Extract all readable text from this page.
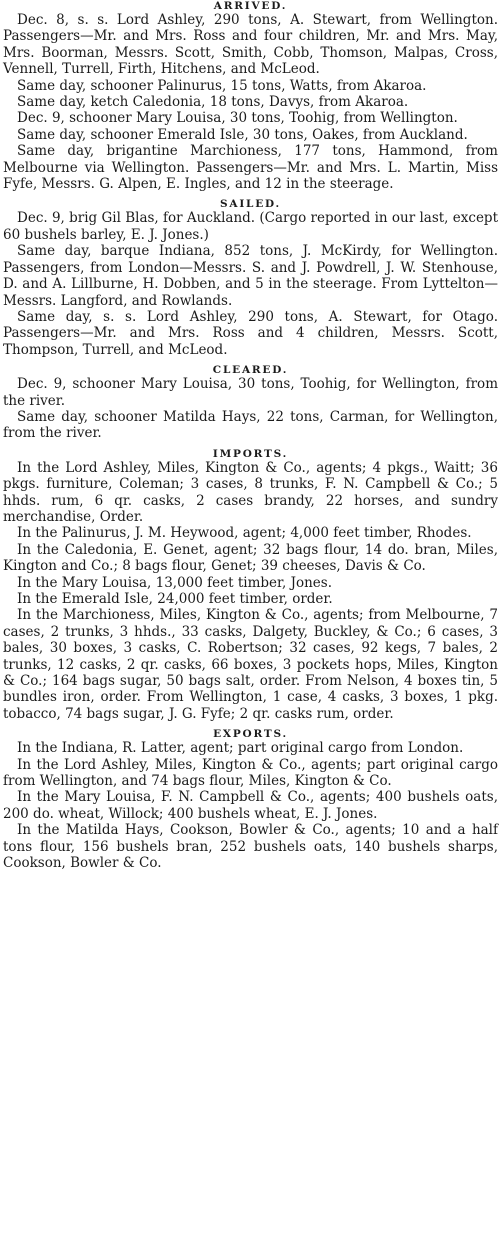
ARRIVED.

Dec. 8, s. s. Lord Ashley, 290 tons, A. Stewart, from Wellington. Passengers—Mr. and Mrs. Ross and four children, Mr. and Mrs. May, Mrs. Boorman, Messrs. Scott, Smith, Cobb, Thomson, Malpas, Cross, Vennell, Turrell, Firth, Hitchens, and McLeod.

Same day, schooner Palinurus, 15 tons, Watts, from Akaroa.

Same day, ketch Caledonia, 18 tons, Davys, from Akaroa.

Dec. 9, schooner Mary Louisa, 30 tons, Toohig, from Wellington.

Same day, schooner Emerald Isle, 30 tons, Oakes, from Auckland.

Same day, brigantine Marchioness, 177 tons, Hammond, from Melbourne via Wellington. Passengers—Mr. and Mrs. L. Martin, Miss Fyfe, Messrs. G. Alpen, E. Ingles, and 12 in the steerage.

SAILED.

Dec. 9, brig Gil Blas, for Auckland. (Cargo reported in our last, except 60 bushels barley, E. J. Jones.)

Same day, barque Indiana, 852 tons, J. McKirdy, for Wellington. Passengers, from London—Messrs. S. and J. Powdrell, J. W. Stenhouse, D. and A. Lillburne, H. Dobben, and 5 in the steerage. From Lyttelton—Messrs. Langford, and Rowlands.

Same day, s. s. Lord Ashley, 290 tons, A. Stewart, for Otago. Passengers—Mr. and Mrs. Ross and 4 children, Messrs. Scott, Thompson, Turrell, and McLeod.

CLEARED.

Dec. 9, schooner Mary Louisa, 30 tons, Toohig, for Wellington, from the river.

Same day, schooner Matilda Hays, 22 tons, Carman, for Wellington, from the river.

IMPORTS.

In the Lord Ashley, Miles, Kington & Co., agents; 4 pkgs., Waitt; 36 pkgs. furniture, Coleman; 3 cases, 8 trunks, F. N. Campbell & Co.; 5 hhds. rum, 6 qr. casks, 2 cases brandy, 22 horses, and sundry merchandise, Order.

In the Palinurus, J. M. Heywood, agent; 4,000 feet timber, Rhodes.

In the Caledonia, E. Genet, agent; 32 bags flour, 14 do. bran, Miles, Kington and Co.; 8 bags flour, Genet; 39 cheeses, Davis & Co.

In the Mary Louisa, 13,000 feet timber, Jones.

In the Emerald Isle, 24,000 feet timber, order.

In the Marchioness, Miles, Kington & Co., agents; from Melbourne, 7 cases, 2 trunks, 3 hhds., 33 casks, Dalgety, Buckley, & Co.; 6 cases, 3 bales, 30 boxes, 3 casks, C. Robertson; 32 cases, 92 kegs, 7 bales, 2 trunks, 12 casks, 2 qr. casks, 66 boxes, 3 pockets hops, Miles, Kington & Co.; 164 bags sugar, 50 bags salt, order. From Nelson, 4 boxes tin, 5 bundles iron, order. From Wellington, 1 case, 4 casks, 3 boxes, 1 pkg. tobacco, 74 bags sugar, J. G. Fyfe; 2 qr. casks rum, order.

EXPORTS.

In the Indiana, R. Latter, agent; part original cargo from London.

In the Lord Ashley, Miles, Kington & Co., agents; part original cargo from Wellington, and 74 bags flour, Miles, Kington & Co.

In the Mary Louisa, F. N. Campbell & Co., agents; 400 bushels oats, 200 do. wheat, Willock; 400 bushels wheat, E. J. Jones.

In the Matilda Hays, Cookson, Bowler & Co., agents; 10 and a half tons flour, 156 bushels bran, 252 bushels oats, 140 bushels sharps, Cookson, Bowler & Co.
